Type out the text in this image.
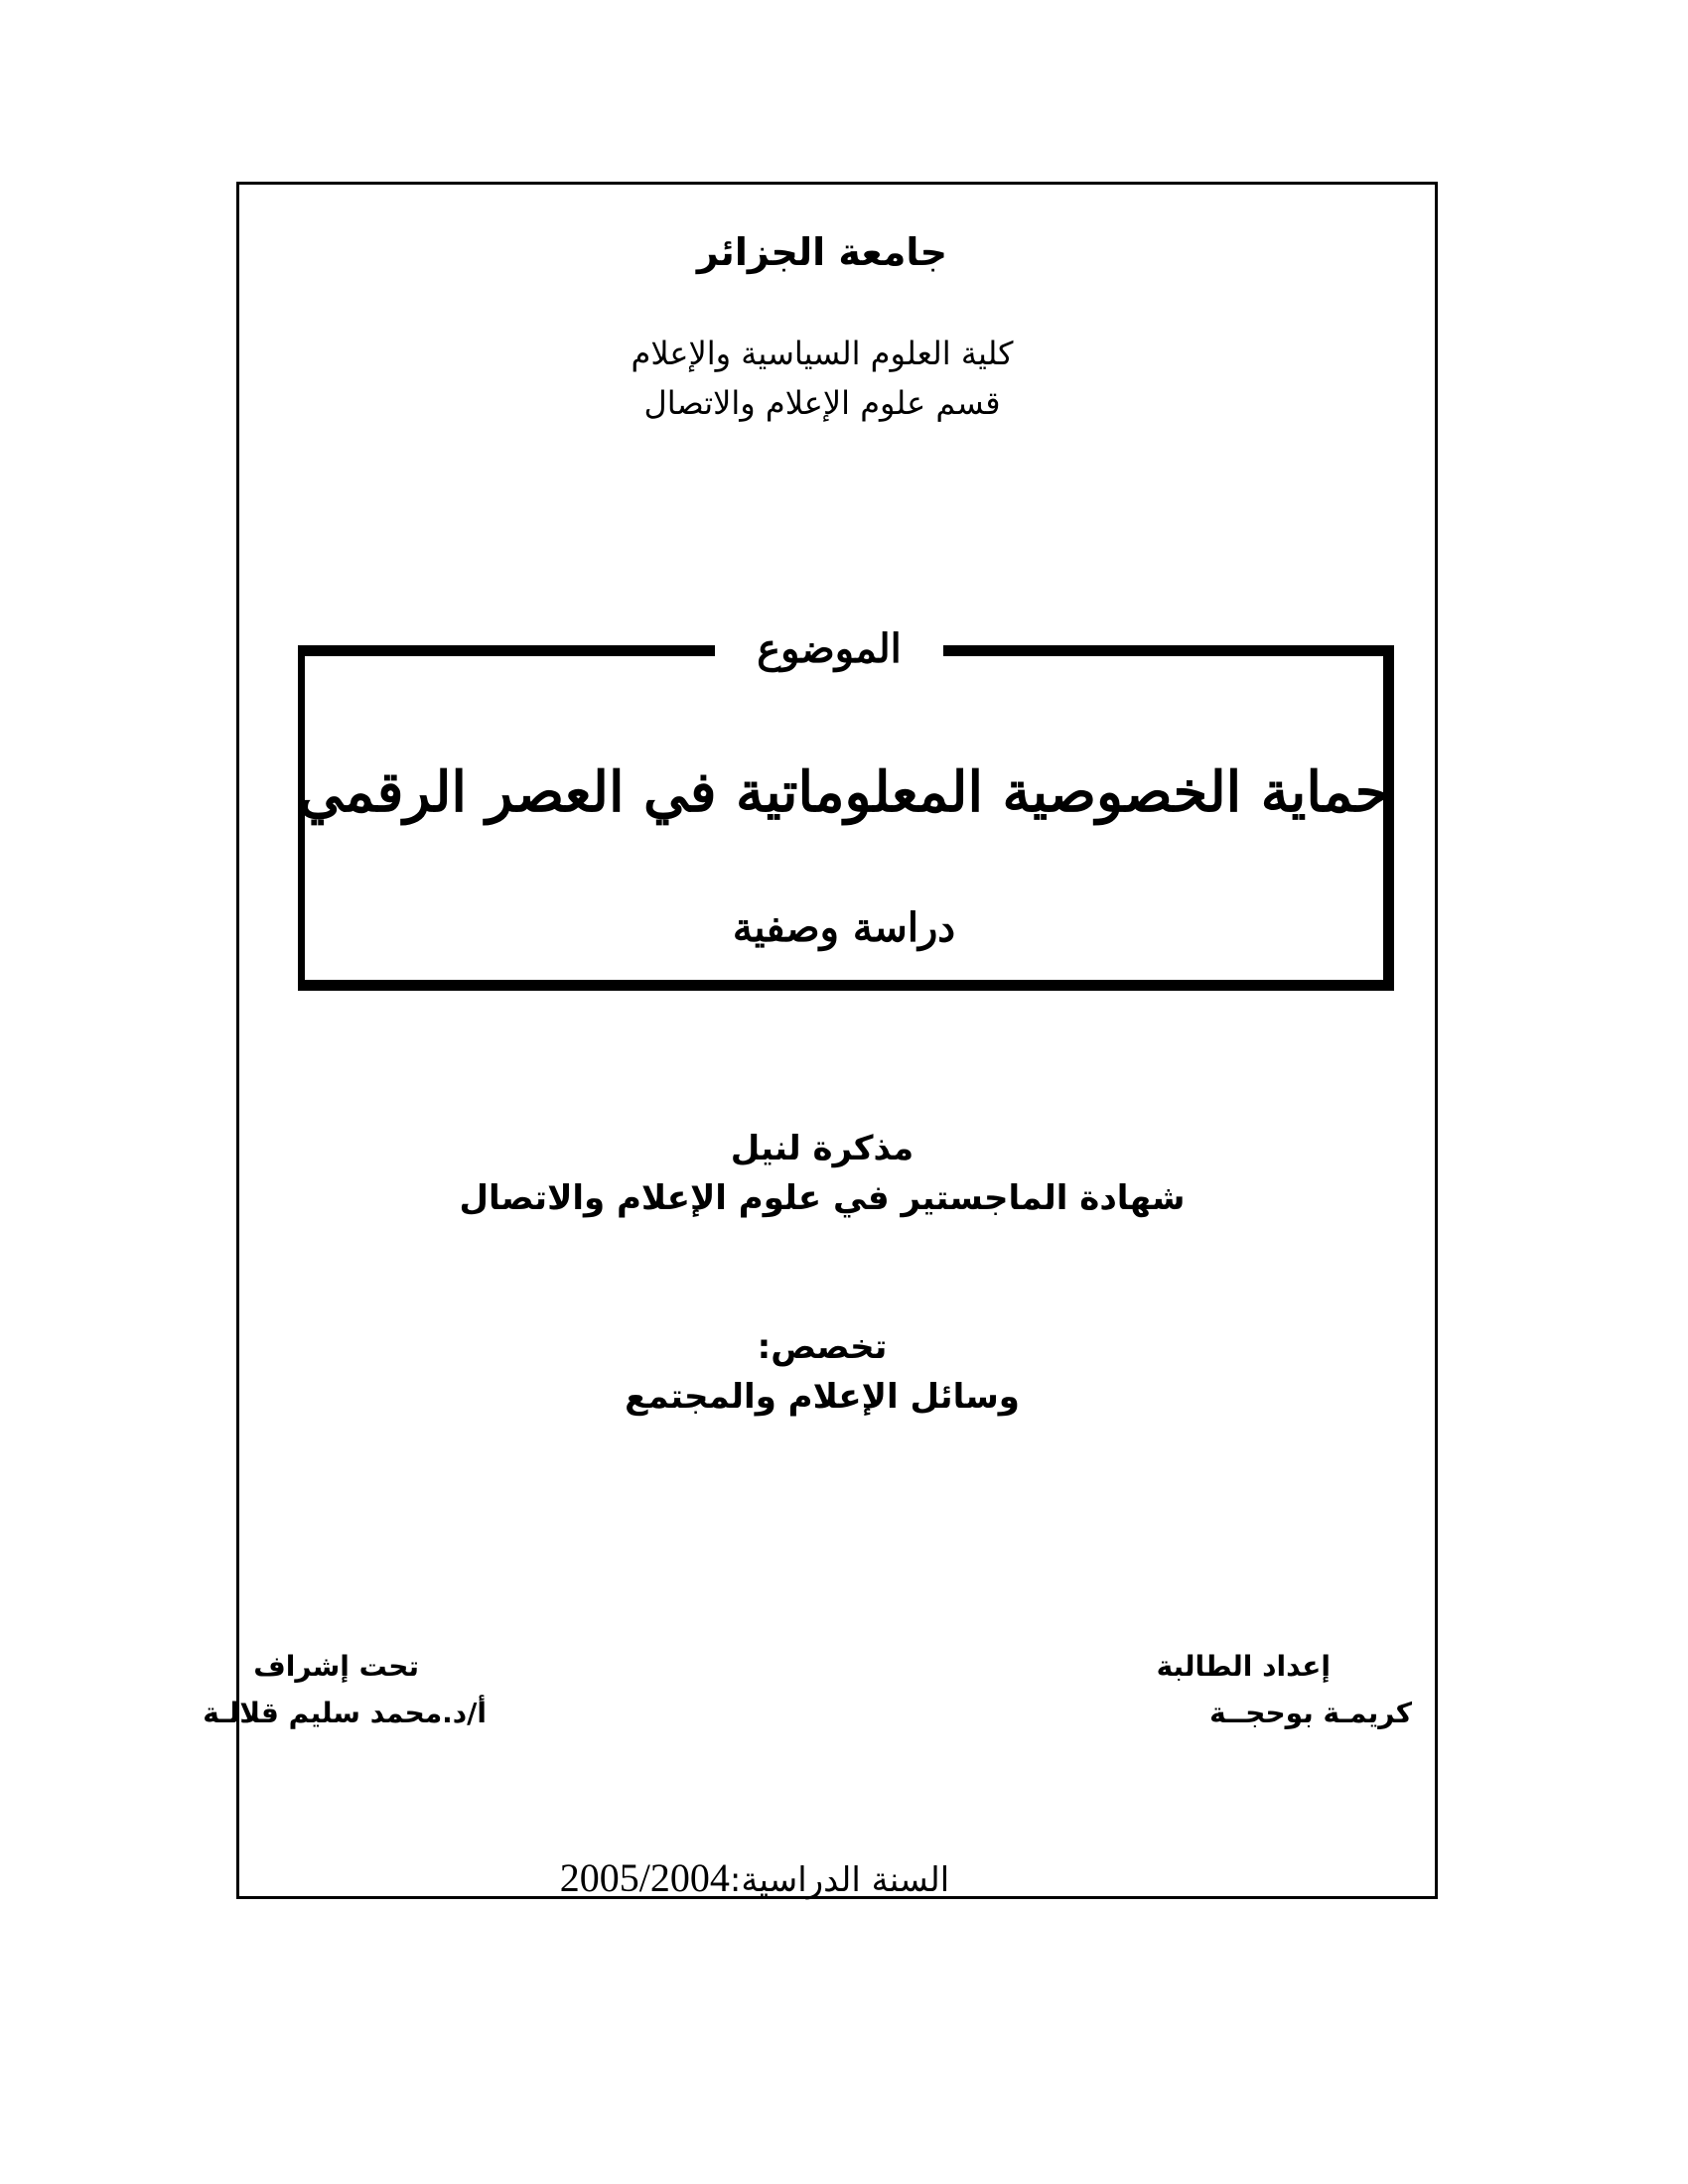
جامعة الجزائر
كلية العلوم السياسية والإعلام
قسم علوم الإعلام والاتصال
الموضوع
حماية الخصوصية المعلوماتية في العصر الرقمي
دراسة وصفية
مذكرة لنيل
شهادة الماجستير في علوم الإعلام والاتصال
تخصص:
وسائل الإعلام والمجتمع
إعداد الطالبة
كريمـة بوحجــة
تحت إشراف
أ/د.محمد سليم قلالـة
السنة الدراسية:2005/2004
